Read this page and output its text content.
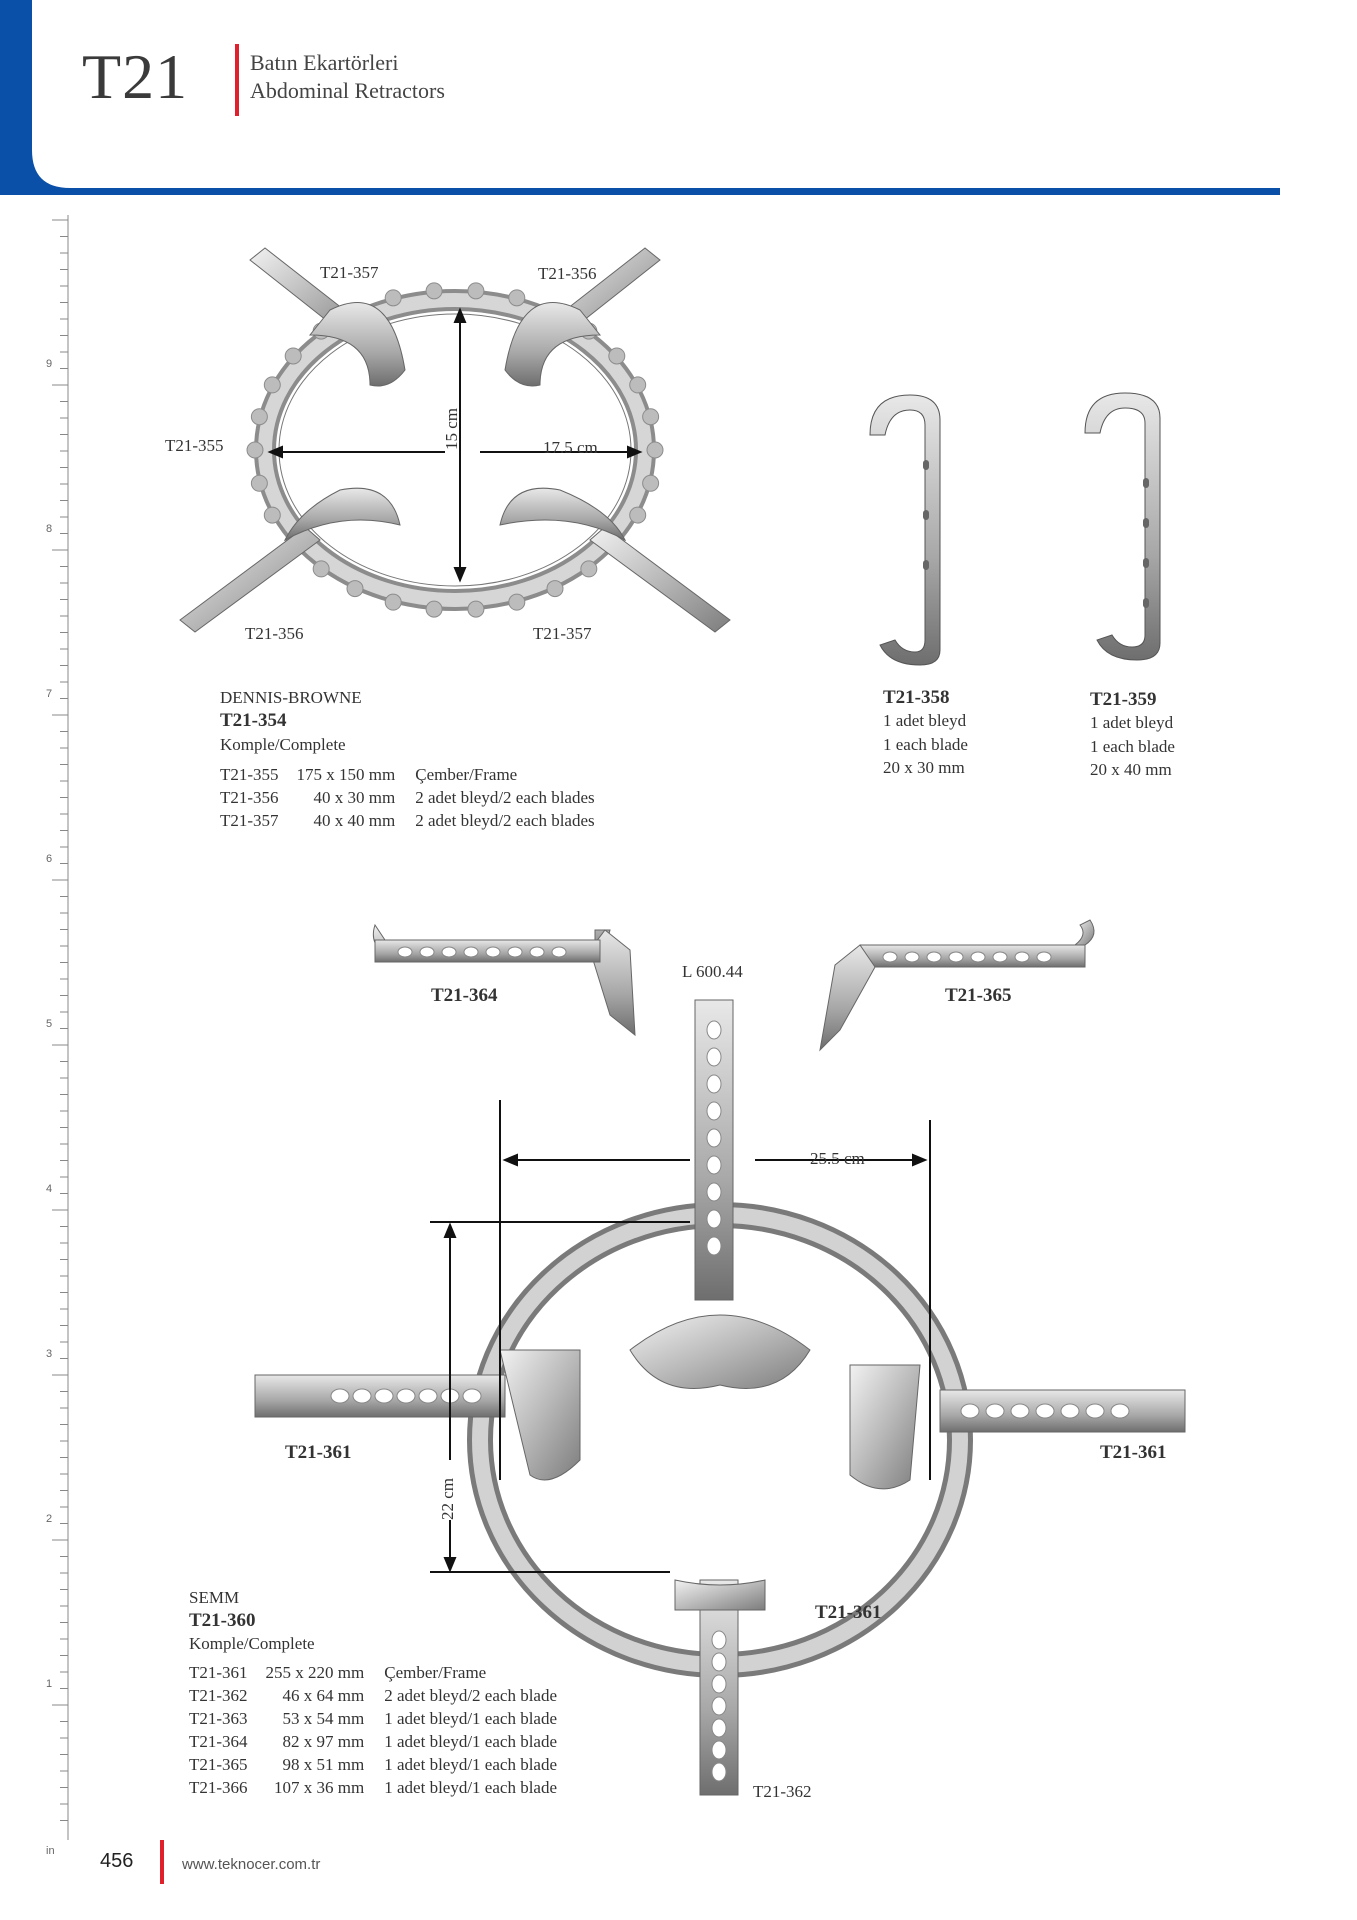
T21	Batın Ekartörleri
Abdominal Retractors
9
8
7
6
5
4
3
2
1
in
T21-357	T21-356
T21-355
T21-356	T21-357
15 cm	17.5 cm
DENNIS-BROWNE
T21-354
Komple/Complete
T21-355	175 x 150 mm	Çember/Frame
T21-356	40 x 30 mm	2 adet bleyd/2 each blades
T21-357	40 x 40 mm	2 adet bleyd/2 each blades
T21-358
1 adet bleyd
1 each blade
20 x 30 mm
T21-359
1 adet bleyd
1 each blade
20 x 40 mm
T21-364	T21-365
L 600.44
25.5 cm
22 cm
T21-361	T21-361
T21-361
T21-362
SEMM
T21-360
Komple/Complete
T21-361	255 x 220 mm	Çember/Frame
T21-362	46 x 64 mm	2 adet bleyd/2 each blade
T21-363	53 x 54 mm	1 adet bleyd/1 each blade
T21-364	82 x 97 mm	1 adet bleyd/1 each blade
T21-365	98 x 51 mm	1 adet bleyd/1 each blade
T21-366	107 x 36 mm	1 adet bleyd/1 each blade
456	www.teknocer.com.tr
